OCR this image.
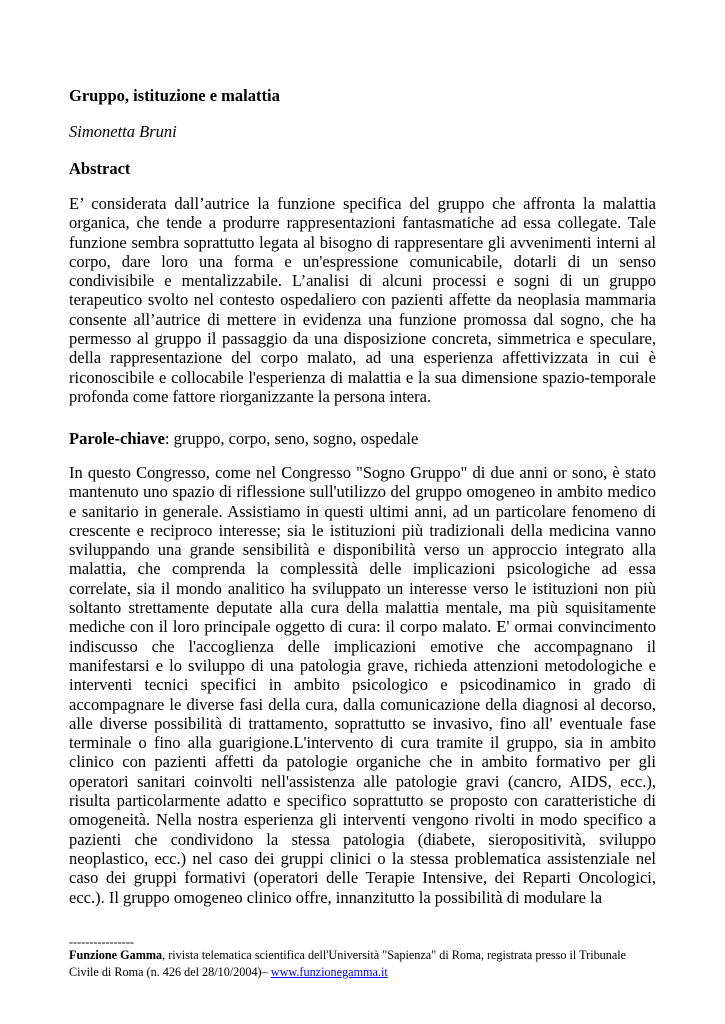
Gruppo, istituzione e malattia
Simonetta Bruni
Abstract
E’ considerata dall’autrice la funzione specifica del gruppo che affronta la malattia organica, che tende a produrre rappresentazioni fantasmatiche ad essa collegate. Tale funzione sembra soprattutto legata al bisogno di rappresentare gli avvenimenti interni al corpo, dare loro una forma e un'espressione comunicabile, dotarli di un senso condivisibile e mentalizzabile. L’analisi di alcuni processi e sogni di un gruppo terapeutico svolto nel contesto ospedaliero con pazienti affette da neoplasia mammaria consente all’autrice di mettere in evidenza una funzione promossa dal sogno, che ha permesso al gruppo il passaggio da una disposizione concreta, simmetrica e speculare, della rappresentazione del corpo malato, ad una esperienza affettivizzata in cui è riconoscibile e collocabile l'esperienza di malattia e la sua dimensione spazio-temporale profonda come fattore riorganizzante la persona intera.
Parole-chiave: gruppo, corpo, seno, sogno, ospedale
In questo Congresso, come nel Congresso "Sogno Gruppo" di due anni or sono, è stato mantenuto uno spazio di riflessione sull'utilizzo del gruppo omogeneo in ambito medico e sanitario in generale. Assistiamo in questi ultimi anni, ad un particolare fenomeno di crescente e reciproco interesse; sia le istituzioni più tradizionali della medicina vanno sviluppando una grande sensibilità e disponibilità verso un approccio integrato alla malattia, che comprenda la complessità delle implicazioni psicologiche ad essa correlate, sia il mondo analitico ha sviluppato un interesse verso le istituzioni non più soltanto strettamente deputate alla cura della malattia mentale, ma più squisitamente mediche con il loro principale oggetto di cura: il corpo malato. E' ormai convincimento indiscusso che l'accoglienza delle implicazioni emotive che accompagnano il manifestarsi e lo sviluppo di una patologia grave, richieda attenzioni metodologiche e interventi tecnici specifici in ambito psicologico e psicodinamico in grado di accompagnare le diverse fasi della cura, dalla comunicazione della diagnosi al decorso, alle diverse possibilità di trattamento, soprattutto se invasivo, fino all' eventuale fase terminale o fino alla guarigione.L'intervento di cura tramite il gruppo, sia in ambito clinico con pazienti affetti da patologie organiche che in ambito formativo per gli operatori sanitari coinvolti nell'assistenza alle patologie gravi (cancro, AIDS, ecc.), risulta particolarmente adatto e specifico soprattutto se proposto con caratteristiche di omogeneità. Nella nostra esperienza gli interventi vengono rivolti in modo specifico a pazienti che condividono la stessa patologia (diabete, sieropositività, sviluppo neoplastico, ecc.) nel caso dei gruppi clinici o la stessa problematica assistenziale nel caso dei gruppi formativi (operatori delle Terapie Intensive, dei Reparti Oncologici, ecc.). Il gruppo omogeneo clinico offre, innanzitutto la possibilità di modulare la
----------------
Funzione Gamma, rivista telematica scientifica dell'Università "Sapienza" di Roma, registrata presso il Tribunale Civile di Roma (n. 426 del 28/10/2004)– www.funzionegamma.it
